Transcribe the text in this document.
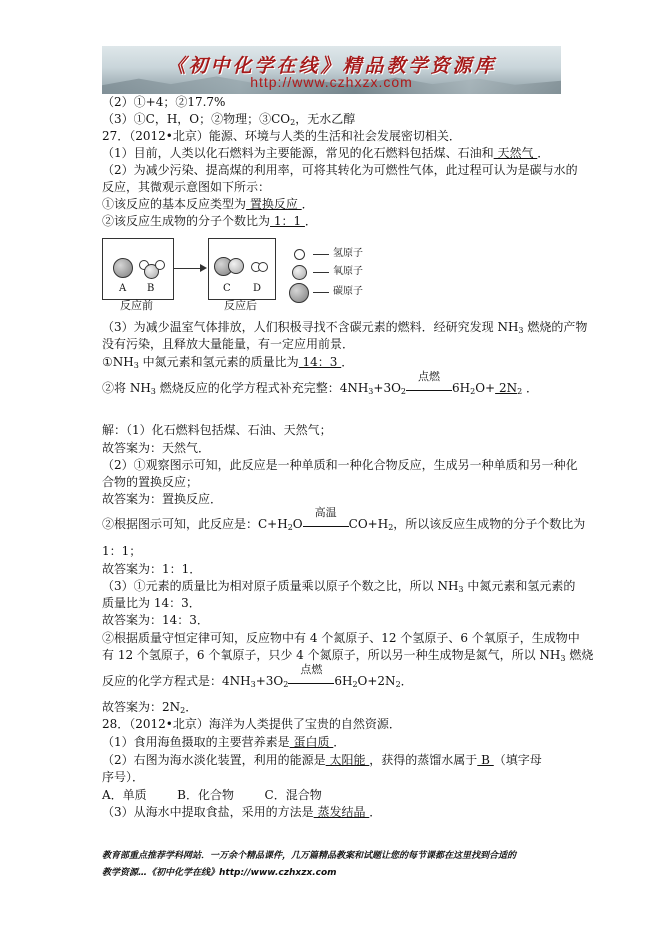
《初中化学在线》精品教学资源库
http://www.czhxzx.com
（2）①+4；②17.7%
（3）①C，H，O；②物理；$③CO_2$，无水乙醇
27．（2012•北京）能源、环境与人类的生活和社会发展密切相关．
（1）目前，人类以化石燃料为主要能源，常见的化石燃料包括煤、石油和 天然气 ．
（2）为减少污染、提高煤的利用率，可将其转化为可燃性气体，此过程可认为是碳与水的
反应，其微观示意图如下所示：
①该反应的基本反应类型为 置换反应 ．
②该反应生成物的分子个数比为 1：1 ．
A B
反应前
C D
反应后
氢原子
氧原子
碳原子
（3）为减少温室气体排放，人们积极寻找不含碳元素的燃料．经研究发现 $NH_3$ 燃烧的产物
没有污染，且释放大量能量，有一定应用前景．
$①NH_3$ 中氮元素和氢元素的质量比为 14：3 ．
②将 $NH_3$ 燃烧反应的化学方程式补充完整：$4NH_3+3O_2$
点燃
$6H_2O+ 2N_2$ ．
解：（1）化石燃料包括煤、石油、天然气；
故答案为：天然气．
（2）①观察图示可知，此反应是一种单质和一种化合物反应，生成另一种单质和另一种化
合物的置换反应；
故答案为：置换反应．
②根据图示可知，此反应是：$C+H_2O$
高温
$CO+H_2$，所以该反应生成物的分子个数比为
1：1；
故答案为：1：1．
（3）①元素的质量比为相对原子质量乘以原子个数之比，所以 $NH_3$ 中氮元素和氢元素的
质量比为 14：3．
故答案为：14：3．
②根据质量守恒定律可知，反应物中有 4 个氮原子、12 个氢原子、6 个氧原子，生成物中
有 12 个氢原子，6 个氧原子，只少 4 个氮原子，所以另一种生成物是氮气，所以 $NH_3$ 燃烧
反应的化学方程式是：$4NH_3+3O_2$
点燃
$6H_2O+2N_2$．
故答案为：$2N_2$．
28．（2012•北京）海洋为人类提供了宝贵的自然资源．
（1）食用海鱼摄取的主要营养素是 蛋白质 ．
（2）右图为海水淡化装置，利用的能源是 太阳能 ，获得的蒸馏水属于 B （填字母
序号）．
A．单质        B．化合物        C．混合物
（3）从海水中提取食盐，采用的方法是 蒸发结晶 ．
教育部重点推荐学科网站．一万余个精品课件，几万篇精品教案和试题让您的每节课都在这里找到合适的
教学资源…《初中化学在线》http://www.czhxzx.com
